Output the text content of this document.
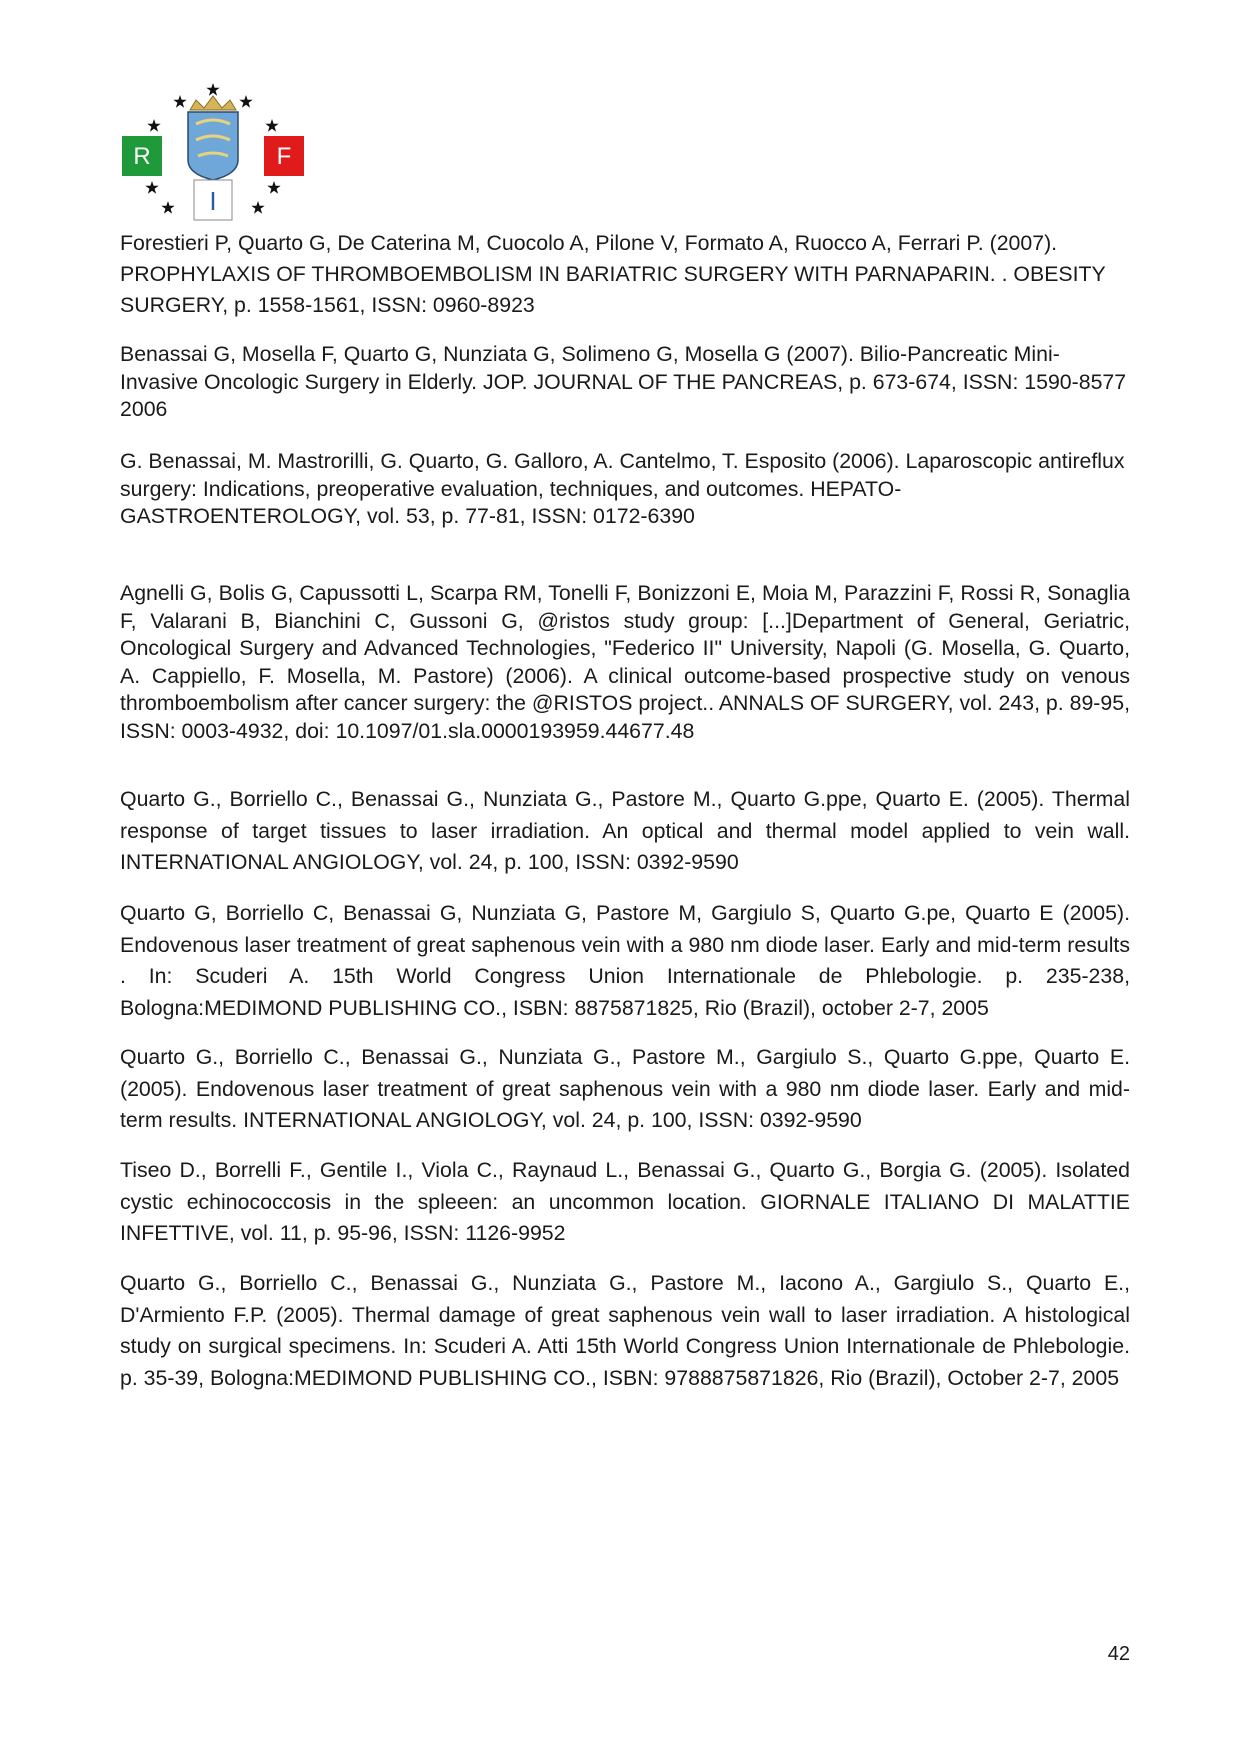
R	F
I

Forestieri P, Quarto G, De Caterina M, Cuocolo A, Pilone V, Formato A, Ruocco A, Ferrari P. (2007). PROPHYLAXIS OF THROMBOEMBOLISM IN BARIATRIC SURGERY WITH PARNAPARIN. . OBESITY SURGERY, p. 1558-1561, ISSN: 0960-8923

Benassai G, Mosella F, Quarto G, Nunziata G, Solimeno G, Mosella G (2007). Bilio-Pancreatic Mini-Invasive Oncologic Surgery in Elderly. JOP. JOURNAL OF THE PANCREAS, p. 673-674, ISSN: 1590-8577 2006

G. Benassai, M. Mastrorilli, G. Quarto, G. Galloro, A. Cantelmo, T. Esposito (2006). Laparoscopic antireflux surgery: Indications, preoperative evaluation, techniques, and outcomes. HEPATO-GASTROENTEROLOGY, vol. 53, p. 77-81, ISSN: 0172-6390

Agnelli G, Bolis G, Capussotti L, Scarpa RM, Tonelli F, Bonizzoni E, Moia M, Parazzini F, Rossi R, Sonaglia F, Valarani B, Bianchini C, Gussoni G, @ristos study group: [...]Department of General, Geriatric, Oncological Surgery and Advanced Technologies, "Federico II" University, Napoli (G. Mosella, G. Quarto, A. Cappiello, F. Mosella, M. Pastore) (2006). A clinical outcome-based prospective study on venous thromboembolism after cancer surgery: the @RISTOS project.. ANNALS OF SURGERY, vol. 243, p. 89-95, ISSN: 0003-4932, doi: 10.1097/01.sla.0000193959.44677.48

Quarto G., Borriello C., Benassai G., Nunziata G., Pastore M., Quarto G.ppe, Quarto E. (2005). Thermal response of target tissues to laser irradiation. An optical and thermal model applied to vein wall. INTERNATIONAL ANGIOLOGY, vol. 24, p. 100, ISSN: 0392-9590

Quarto G, Borriello C, Benassai G, Nunziata G, Pastore M, Gargiulo S, Quarto G.pe, Quarto E (2005). Endovenous laser treatment of great saphenous vein with a 980 nm diode laser. Early and mid-term results . In: Scuderi A. 15th World Congress Union Internationale de Phlebologie. p. 235-238, Bologna:MEDIMOND PUBLISHING CO., ISBN: 8875871825, Rio (Brazil), october 2-7, 2005

Quarto G., Borriello C., Benassai G., Nunziata G., Pastore M., Gargiulo S., Quarto G.ppe, Quarto E. (2005). Endovenous laser treatment of great saphenous vein with a 980 nm diode laser. Early and mid-term results. INTERNATIONAL ANGIOLOGY, vol. 24, p. 100, ISSN: 0392-9590

Tiseo D., Borrelli F., Gentile I., Viola C., Raynaud L., Benassai G., Quarto G., Borgia G. (2005). Isolated cystic echinococcosis in the spleeen: an uncommon location. GIORNALE ITALIANO DI MALATTIE INFETTIVE, vol. 11, p. 95-96, ISSN: 1126-9952

Quarto G., Borriello C., Benassai G., Nunziata G., Pastore M., Iacono A., Gargiulo S., Quarto E., D'Armiento F.P. (2005). Thermal damage of great saphenous vein wall to laser irradiation. A histological study on surgical specimens. In: Scuderi A. Atti 15th World Congress Union Internationale de Phlebologie. p. 35-39, Bologna:MEDIMOND PUBLISHING CO., ISBN: 9788875871826, Rio (Brazil), October 2-7, 2005

42
